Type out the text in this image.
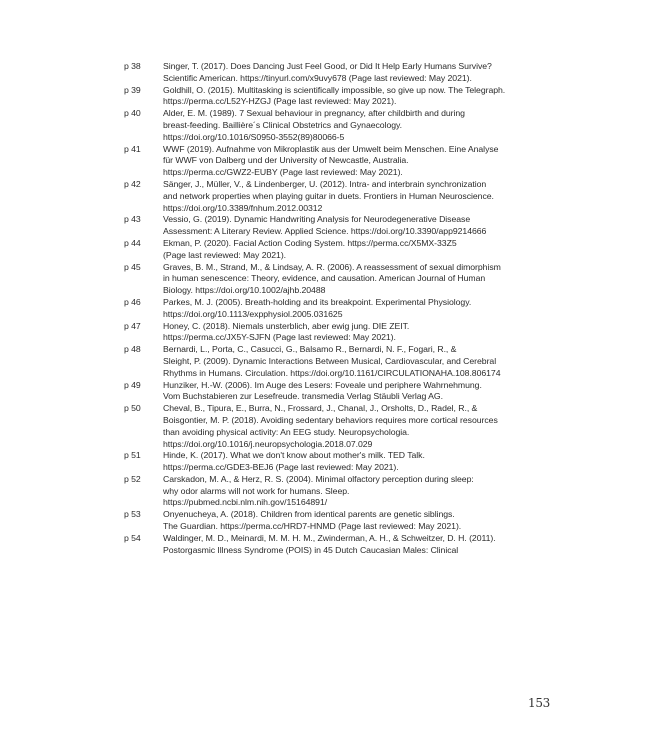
p 38	Singer, T. (2017). Does Dancing Just Feel Good, or Did It Help Early Humans Survive?
Scientific American. https://tinyurl.com/x9uvy678 (Page last reviewed: May 2021).
p 39	Goldhill, O. (2015). Multitasking is scientifically impossible, so give up now. The Telegraph.
https://perma.cc/L52Y-HZGJ (Page last reviewed: May 2021).
p 40	Alder, E. M. (1989). 7 Sexual behaviour in pregnancy, after childbirth and during
breast-feeding. Baillière´s Clinical Obstetrics and Gynaecology.
https://doi.org/10.1016/S0950-3552(89)80066-5
p 41	WWF (2019). Aufnahme von Mikroplastik aus der Umwelt beim Menschen. Eine Analyse
für WWF von Dalberg und der University of Newcastle, Australia.
https://perma.cc/GWZ2-EUBY (Page last reviewed: May 2021).
p 42	Sänger, J., Müller, V., & Lindenberger, U. (2012). Intra- and interbrain synchronization
and network properties when playing guitar in duets. Frontiers in Human Neuroscience.
https://doi.org/10.3389/fnhum.2012.00312
p 43	Vessio, G. (2019). Dynamic Handwriting Analysis for Neurodegenerative Disease
Assessment: A Literary Review. Applied Science. https://doi.org/10.3390/app9214666
p 44	Ekman, P. (2020). Facial Action Coding System. https://perma.cc/X5MX-33Z5
(Page last reviewed: May 2021).
p 45	Graves, B. M., Strand, M., & Lindsay, A. R. (2006). A reassessment of sexual dimorphism
in human senescence: Theory, evidence, and causation. American Journal of Human
Biology. https://doi.org/10.1002/ajhb.20488
p 46	Parkes, M. J. (2005). Breath-holding and its breakpoint. Experimental Physiology.
https://doi.org/10.1113/expphysiol.2005.031625
p 47	Honey, C. (2018). Niemals unsterblich, aber ewig jung. DIE ZEIT.
https://perma.cc/JX5Y-SJFN (Page last reviewed: May 2021).
p 48	Bernardi, L., Porta, C., Casucci, G., Balsamo R., Bernardi, N. F., Fogari, R., &
Sleight, P. (2009). Dynamic Interactions Between Musical, Cardiovascular, and Cerebral
Rhythms in Humans. Circulation. https://doi.org/10.1161/CIRCULATIONAHA.108.806174
p 49	Hunziker, H.-W. (2006). Im Auge des Lesers: Foveale und periphere Wahrnehmung.
Vom Buchstabieren zur Lesefreude. transmedia Verlag Stäubli Verlag AG.
p 50	Cheval, B., Tipura, E., Burra, N., Frossard, J., Chanal, J., Orsholts, D., Radel, R., &
Boisgontier, M. P. (2018). Avoiding sedentary behaviors requires more cortical resources
than avoiding physical activity: An EEG study. Neuropsychologia.
https://doi.org/10.1016/j.neuropsychologia.2018.07.029
p 51	Hinde, K. (2017). What we don't know about mother's milk. TED Talk.
https://perma.cc/GDE3-BEJ6 (Page last reviewed: May 2021).
p 52	Carskadon, M. A., & Herz, R. S. (2004). Minimal olfactory perception during sleep:
why odor alarms will not work for humans. Sleep.
https://pubmed.ncbi.nlm.nih.gov/15164891/
p 53	Onyenucheya, A. (2018). Children from identical parents are genetic siblings.
The Guardian. https://perma.cc/HRD7-HNMD (Page last reviewed: May 2021).
p 54	Waldinger, M. D., Meinardi, M. M. H. M., Zwinderman, A. H., & Schweitzer, D. H. (2011).
Postorgasmic Illness Syndrome (POIS) in 45 Dutch Caucasian Males: Clinical
153
